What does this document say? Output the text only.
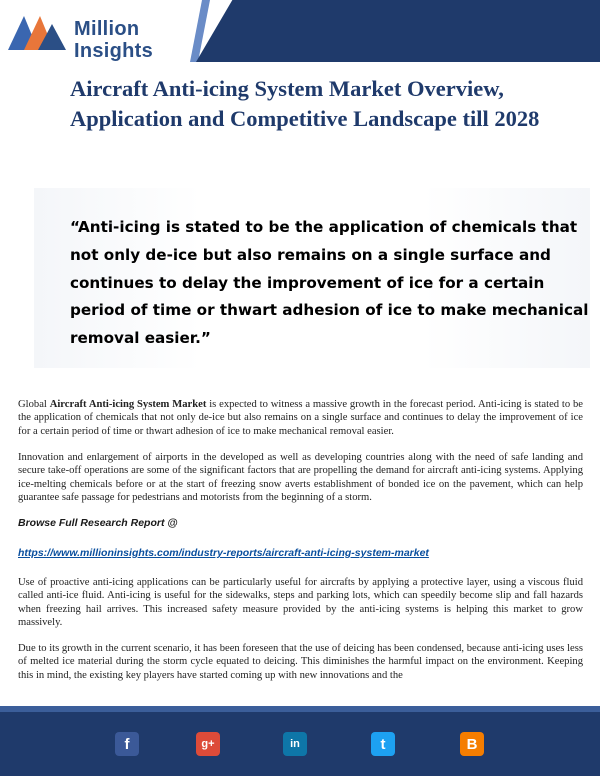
Million
Insights
Aircraft Anti-icing System Market Overview, Application and Competitive Landscape till 2028
“Anti-icing is stated to be the application of chemicals that not only de-ice but also remains on a single surface and continues to delay the improvement of ice for a certain period of time or thwart adhesion of ice to make mechanical removal easier.”
Global Aircraft Anti-icing System Market is expected to witness a massive growth in the forecast period. Anti-icing is stated to be the application of chemicals that not only de-ice but also remains on a single surface and continues to delay the improvement of ice for a certain period of time or thwart adhesion of ice to make mechanical removal easier.
Innovation and enlargement of airports in the developed as well as developing countries along with the need of safe landing and secure take-off operations are some of the significant factors that are propelling the demand for aircraft anti-icing systems. Applying ice-melting chemicals before or at the start of freezing snow averts establishment of bonded ice on the pavement, which can help guarantee safe passage for pedestrians and motorists from the beginning of a storm.
Browse Full Research Report @
https://www.millioninsights.com/industry-reports/aircraft-anti-icing-system-market
Use of proactive anti-icing applications can be particularly useful for aircrafts by applying a protective layer, using a viscous fluid called anti-ice fluid. Anti-icing is useful for the sidewalks, steps and parking lots, which can speedily become slip and fall hazards when freezing hail arrives. This increased safety measure provided by the anti-icing systems is helping this market to grow massively.
Due to its growth in the current scenario, it has been foreseen that the use of deicing has been condensed, because anti-icing uses less of melted ice material during the storm cycle equated to deicing. This diminishes the harmful impact on the environment. Keeping this in mind, the existing key players have started coming up with new innovations and the
f	g+	in	t	B
